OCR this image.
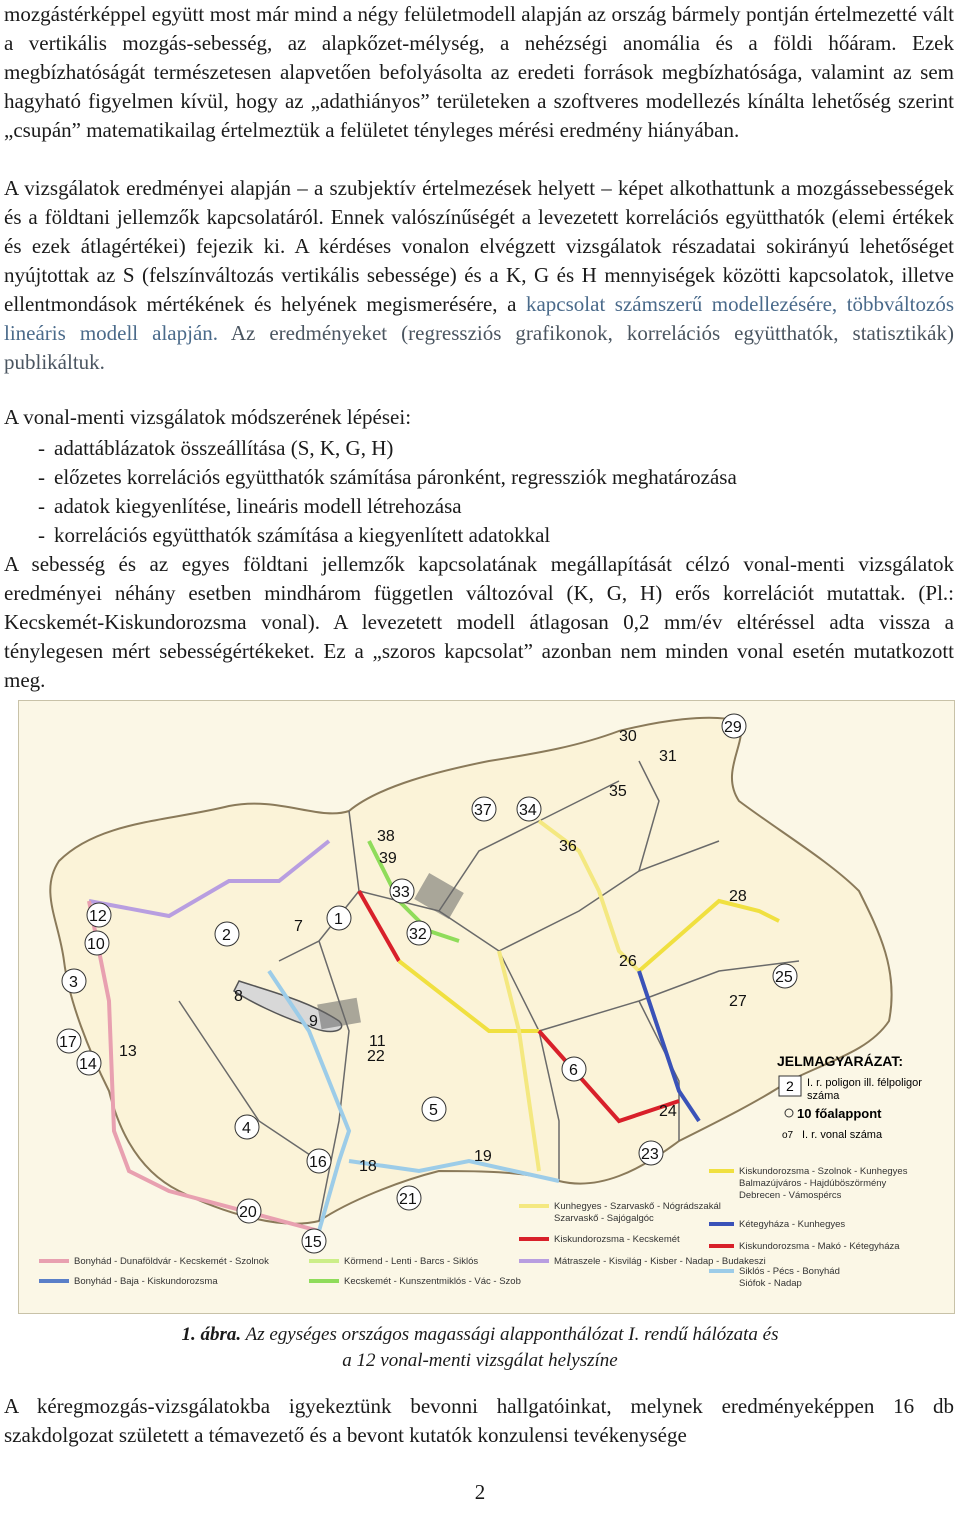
mozgástérképpel együtt most már mind a négy felületmodell alapján az ország bármely pontján értelmezetté vált a vertikális mozgás-sebesség, az alapkőzet-mélység, a nehézségi anomália és a földi hőáram. Ezek megbízhatóságát természetesen alapvetően befolyásolta az eredeti források megbízhatósága, valamint az sem hagyható figyelmen kívül, hogy az „adathiányos” területeken a szoftveres modellezés kínálta lehetőség szerint „csupán” matematikailag értelmeztük a felületet tényleges mérési eredmény hiányában.

A vizsgálatok eredményei alapján – a szubjektív értelmezések helyett – képet alkothattunk a mozgássebességek és a földtani jellemzők kapcsolatáról. Ennek valószínűségét a levezetett korrelációs együtthatók (elemi értékek és ezek átlagértékei) fejezik ki. A kérdéses vonalon elvégzett vizsgálatok részadatai sokirányú lehetőséget nyújtottak az S (felszínváltozás vertikális sebessége) és a K, G és H mennyiségek közötti kapcsolatok, illetve ellentmondások mértékének és helyének megismerésére, a kapcsolat számszerű modellezésére, többváltozós lineáris modell alapján. Az eredményeket (regressziós grafikonok, korrelációs együtthatók, statisztikák) publikáltuk.

A vonal-menti vizsgálatok módszerének lépései:

- adattáblázatok összeállítása (S, K, G, H)
- előzetes korrelációs együtthatók számítása páronként, regressziók meghatározása
- adatok kiegyenlítése, lineáris modell létrehozása
- korrelációs együtthatók számítása a kiegyenlített adatokkal

A sebesség és az egyes földtani jellemzők kapcsolatának megállapítását célzó vonal-menti vizsgálatok eredményei néhány esetben mindhárom független változóval (K, G, H) erős korrelációt mutattak. (Pl.: Kecskemét-Kiskundorozsma vonal). A levezetett modell átlagosan 0,2 mm/év eltéréssel adta vissza a ténylegesen mért sebességértékeket. Ez a „szoros kapcsolat” azonban nem minden vonal esetén mutatkozott meg.

29
30
31
35
37 34
36
38
39
33
32
1
2
3
4
5
6
7
8
9
10
11
12
13
14
15
16
17
18
19
20
21
22
23
24
25
26
27
28
JELMAGYARÁZAT:
2 I. r. poligon ill. félpoligor
száma
10 főalappont
o7 I. r. vonal száma
Bonyhád - Dunaföldvár - Kecskemét - Szolnok
Bonyhád - Baja - Kiskundorozsma
Kunhegyes - Szarvaskő - Nógrádszakál
Szarvaskő - Sajógalgóc
Kiskundorozsma - Kecskemét
Körmend - Lenti - Barcs - Siklós
Kecskemét - Kunszentmiklós - Vác - Szob
Kiskundorozsma - Szolnok - Kunhegyes
Balmazújváros - Hajdúböszörmény
Debrecen - Vámospércs
Kétegyháza - Kunhegyes
Kiskundorozsma - Makó - Kétegyháza
Mátraszele - Kisvilág - Kisber - Nadap - Budakeszi
Siklós - Pécs - Bonyhád
Siófok - Nadap
1. ábra. Az egységes országos magassági alapponthálózat I. rendű hálózata és
a 12 vonal-menti vizsgálat helyszíne

A kéregmozgás-vizsgálatokba igyekeztünk bevonni hallgatóinkat, melynek eredményeképpen 16 db szakdolgozat született a témavezető és a bevont kutatók konzulensi tevékenysége

2
